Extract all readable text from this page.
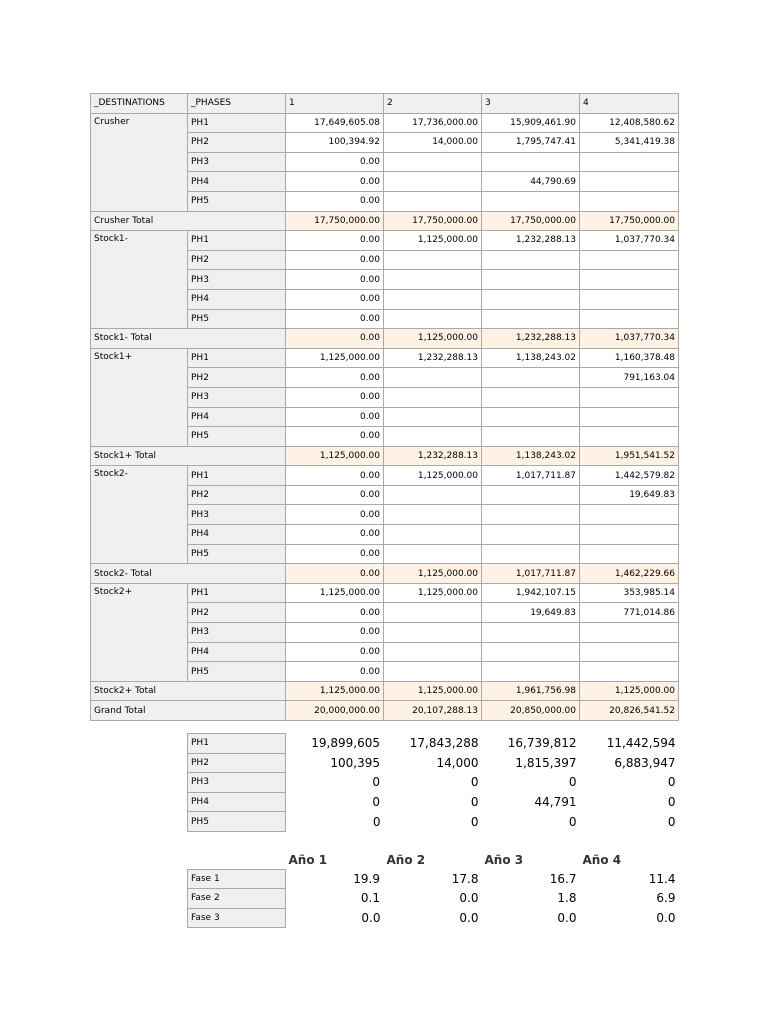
_DESTINATIONS	_PHASES	1	2	3	4
Crusher	PH1	17,649,605.08	17,736,000.00	15,909,461.90	12,408,580.62
	PH2	100,394.92	14,000.00	1,795,747.41	5,341,419.38
	PH3	0.00			
	PH4	0.00		44,790.69	
	PH5	0.00			
Crusher Total		17,750,000.00	17,750,000.00	17,750,000.00	17,750,000.00
Stock1-	PH1	0.00	1,125,000.00	1,232,288.13	1,037,770.34
	PH2	0.00			
	PH3	0.00			
	PH4	0.00			
	PH5	0.00			
Stock1- Total		0.00	1,125,000.00	1,232,288.13	1,037,770.34
Stock1+	PH1	1,125,000.00	1,232,288.13	1,138,243.02	1,160,378.48
	PH2	0.00			791,163.04
	PH3	0.00			
	PH4	0.00			
	PH5	0.00			
Stock1+ Total		1,125,000.00	1,232,288.13	1,138,243.02	1,951,541.52
Stock2-	PH1	0.00	1,125,000.00	1,017,711.87	1,442,579.82
	PH2	0.00			19,649.83
	PH3	0.00			
	PH4	0.00			
	PH5	0.00			
Stock2- Total		0.00	1,125,000.00	1,017,711.87	1,462,229.66
Stock2+	PH1	1,125,000.00	1,125,000.00	1,942,107.15	353,985.14
	PH2	0.00		19,649.83	771,014.86
	PH3	0.00			
	PH4	0.00			
	PH5	0.00			
Stock2+ Total		1,125,000.00	1,125,000.00	1,961,756.98	1,125,000.00
Grand Total		20,000,000.00	20,107,288.13	20,850,000.00	20,826,541.52
PH1	19,899,605	17,843,288	16,739,812	11,442,594
PH2	100,395	14,000	1,815,397	6,883,947
PH3	0	0	0	0
PH4	0	0	44,791	0
PH5	0	0	0	0
	Año 1	Año 2	Año 3	Año 4
Fase 1	19.9	17.8	16.7	11.4
Fase 2	0.1	0.0	1.8	6.9
Fase 3	0.0	0.0	0.0	0.0
